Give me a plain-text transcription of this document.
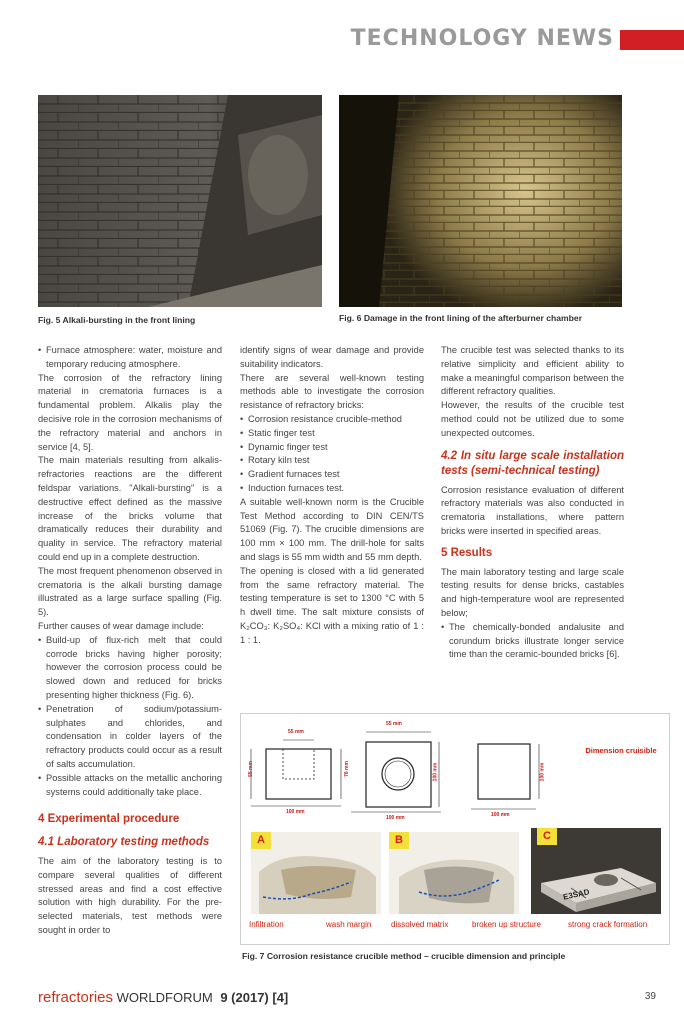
TECHNOLOGY NEWS
Fig. 5 Alkali-bursting in the front lining	Fig. 6 Damage in the front lining of the afterburner chamber
• Furnace atmosphere: water, moisture and temporary reducing atmosphere.

The corrosion of the refractory lining material in crematoria furnaces is a fundamental problem. Alkalis play the decisive role in the corrosion mechanisms of the refractory material and anchors in service [4, 5].

The main materials resulting from alkalis-refractories reactions are the different feldspar variations. "Alkali-bursting" is a destructive effect defined as the massive increase of the bricks volume that dramatically reduces their durability and quality in service. The refractory material could end up in a complete destruction.

The most frequent phenomenon observed in crematoria is the alkali bursting damage illustrated as a large surface spalling (Fig. 5).

Further causes of wear damage include:

• Build-up of flux-rich melt that could corrode bricks having higher porosity; however the corrosion process could be slowed down and reduced for bricks presenting higher thickness (Fig. 6).
• Penetration of sodium/potassium-sulphates and chlorides, and condensation in colder layers of the refractory products could occur as a result of salts accumulation.
• Possible attacks on the metallic anchoring systems could additionally take place.
4 Experimental procedure
4.1 Laboratory testing methods

The aim of the laboratory testing is to compare several qualities of different stressed areas and find a cost effective solution with high durability. For the pre-selected materials, test methods were sought in order to

identify signs of wear damage and provide suitability indicators.

There are several well-known testing methods able to investigate the corrosion resistance of refractory bricks:

• Corrosion resistance crucible-method
• Static finger test
• Dynamic finger test
• Rotary kiln test
• Gradient furnaces test
• Induction furnaces test.

A suitable well-known norm is the Crucible Test Method according to DIN CEN/TS 51069 (Fig. 7). The crucible dimensions are 100 mm × 100 mm. The drill-hole for salts and slags is 55 mm width and 55 mm depth.

The opening is closed with a lid generated from the same refractory material. The testing temperature is set to 1300 °C with 5 h dwell time. The salt mixture consists of K₂CO₃: K₂SO₄: KCl with a mixing ratio of 1 : 1 : 1.

The crucible test was selected thanks to its relative simplicity and efficient ability to make a meaningful comparison between the different refractory qualities.

However, the results of the crucible test method could not be utilized due to some unexpected outcomes.

4.2 In situ large scale installation tests (semi-technical testing)

Corrosion resistance evaluation of different refractory materials was also conducted in crematoria installations, where pattern bricks were inserted in specified areas.

5 Results

The main laboratory testing and large scale testing results for dense bricks, castables and high-temperature wool are represented below;

• The chemically-bonded andalusite and corundum bricks illustrate longer service time than the ceramic-bounded bricks [6].
55 mm
55 mm	76 mm
100 mm
55 mm
100 mm
100 mm
100 mm
100 mm
Dimension cruisible
A	B	C
E3SAD
Infiltration	wash margin dissolved matrix	broken up structure	strong crack formation
Fig. 7 Corrosion resistance crucible method – crucible dimension and principle
refractories WORLDFORUM 9 (2017) [4]	39
